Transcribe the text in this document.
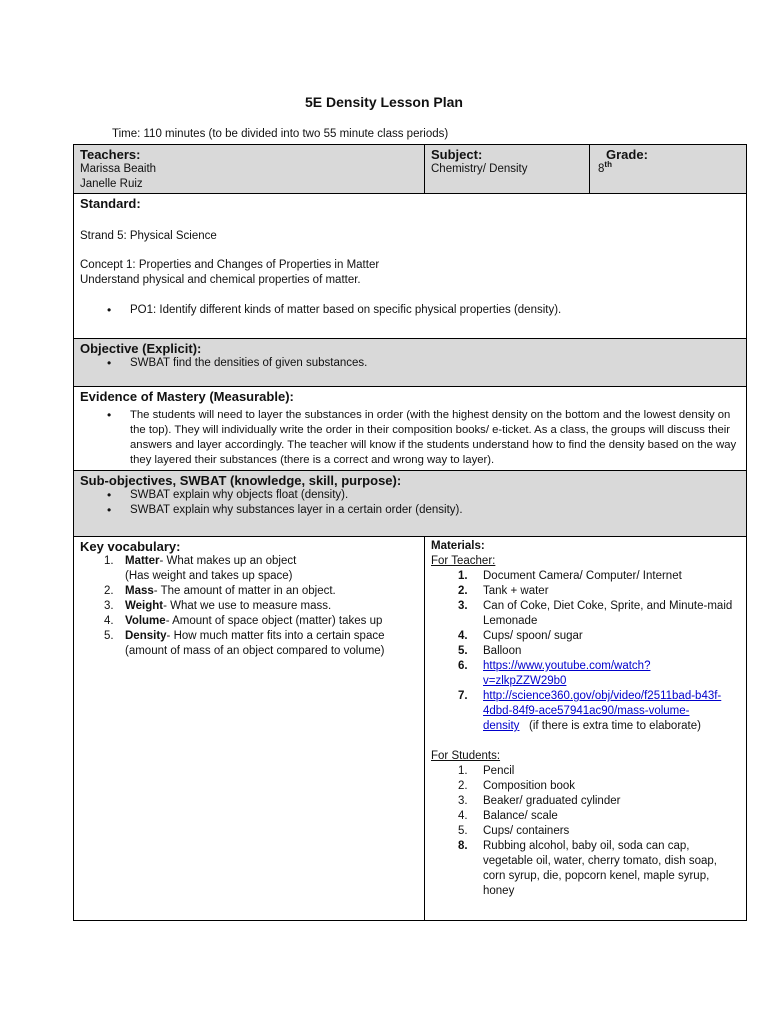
5E Density Lesson Plan
Time: 110 minutes (to be divided into two 55 minute class periods)
Teachers:
Marissa Beaith
Janelle Ruiz
Subject:
Chemistry/ Density
Grade:
8th
Standard:
Strand 5: Physical Science
Concept 1: Properties and Changes of Properties in Matter
Understand physical and chemical properties of matter.
• PO1: Identify different kinds of matter based on specific physical properties (density).
Objective (Explicit):
• SWBAT find the densities of given substances.
Evidence of Mastery (Measurable):
• The students will need to layer the substances in order (with the highest density on the bottom and the lowest density on the top). They will individually write the order in their composition books/ e-ticket. As a class, the groups will discuss their answers and layer accordingly. The teacher will know if the students understand how to find the density based on the way they layered their substances (there is a correct and wrong way to layer).
Sub-objectives, SWBAT (knowledge, skill, purpose):
• SWBAT explain why objects float (density).
• SWBAT explain why substances layer in a certain order (density).
Key vocabulary:
1. Matter- What makes up an object
(Has weight and takes up space)
2. Mass- The amount of matter in an object.
3. Weight- What we use to measure mass.
4. Volume- Amount of space object (matter) takes up
5. Density- How much matter fits into a certain space
(amount of mass of an object compared to volume)
Materials:
For Teacher:
1. Document Camera/ Computer/ Internet
2. Tank + water
3. Can of Coke, Diet Coke, Sprite, and Minute-maid Lemonade
4. Cups/ spoon/ sugar
5. Balloon
6. https://www.youtube.com/watch?
v=zlkpZZW29b0
7. http://science360.gov/obj/video/f2511bad-b43f-
4dbd-84f9-ace57941ac90/mass-volume-
density (if there is extra time to elaborate)
For Students:
1. Pencil
2. Composition book
3. Beaker/ graduated cylinder
4. Balance/ scale
5. Cups/ containers
8. Rubbing alcohol, baby oil, soda can cap, vegetable oil, water, cherry tomato, dish soap, corn syrup, die, popcorn kenel, maple syrup, honey
